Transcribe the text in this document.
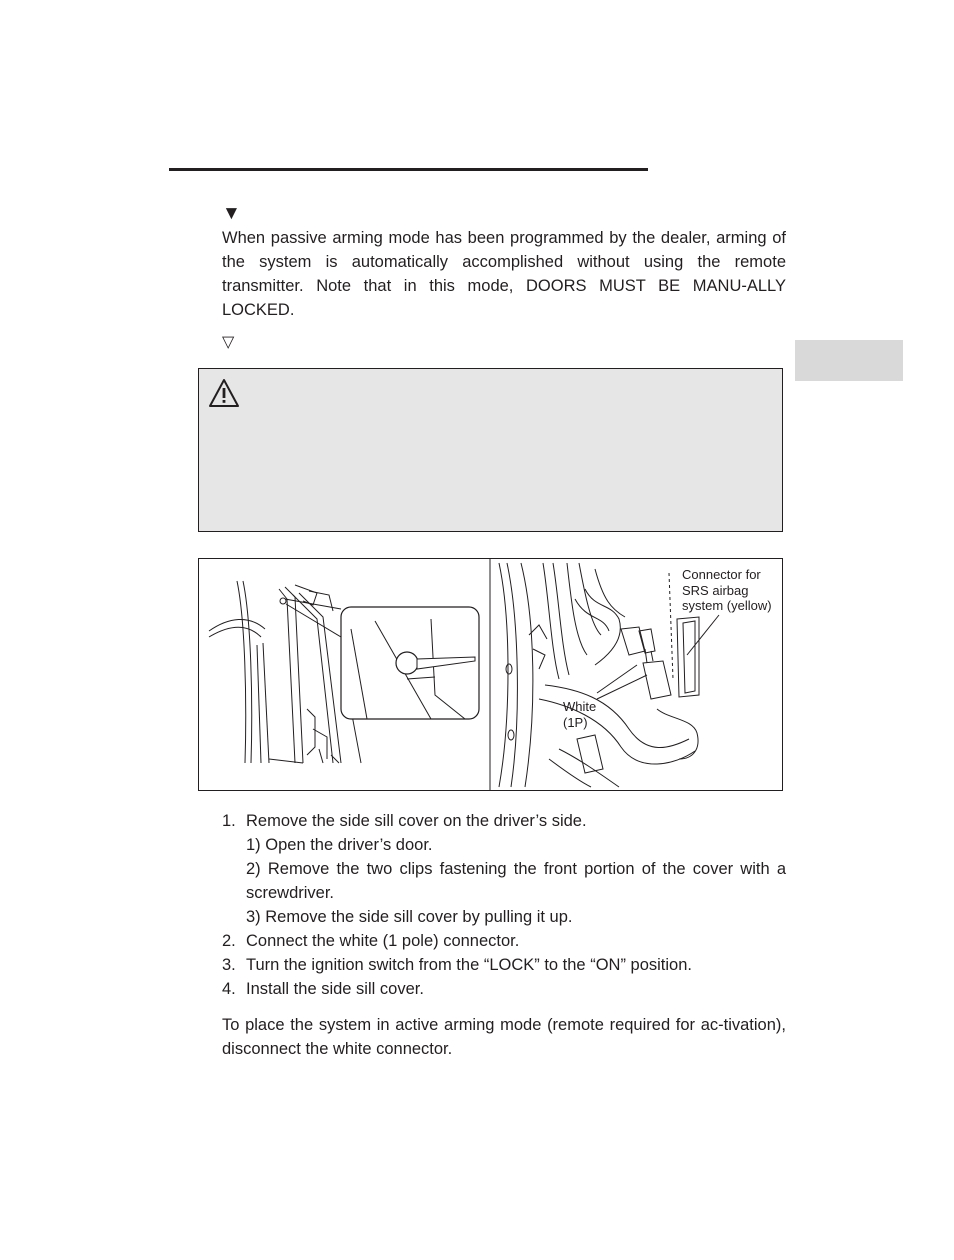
▼

When passive arming mode has been programmed by the dealer, arming of the system is automatically accomplished without using the remote transmitter. Note that in this mode, DOORS MUST BE MANU-ALLY LOCKED.

▽
Connector for
SRS airbag
system (yellow)
White
(1P)
1. Remove the side sill cover on the driver’s side.
1) Open the driver’s door.
2) Remove the two clips fastening the front portion of the cover with a screwdriver.
3) Remove the side sill cover by pulling it up.
2. Connect the white (1 pole) connector.
3. Turn the ignition switch from the “LOCK” to the “ON” position.
4. Install the side sill cover.

To place the system in active arming mode (remote required for ac-tivation), disconnect the white connector.
